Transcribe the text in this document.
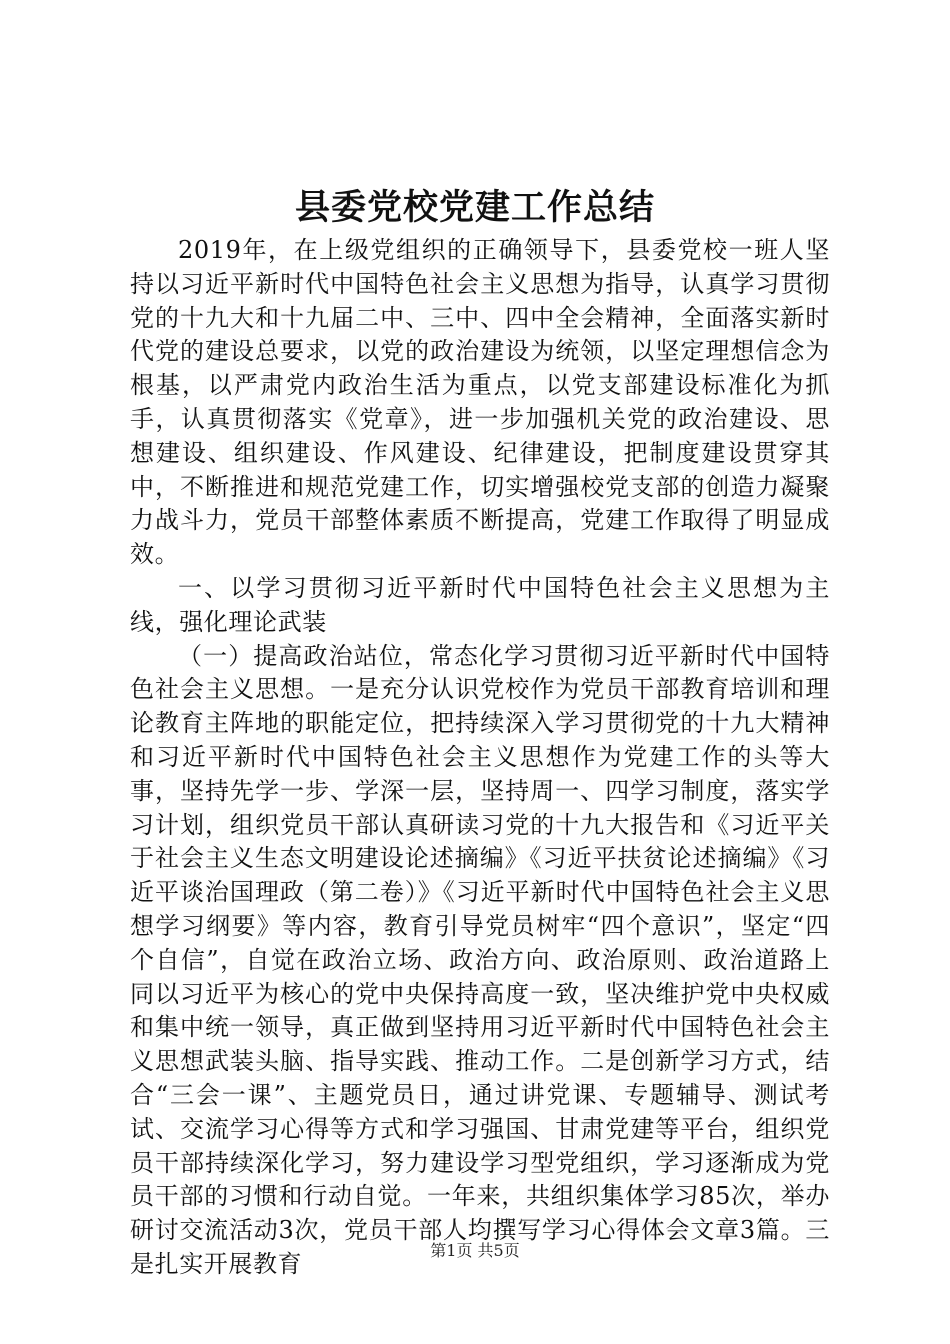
县委党校党建工作总结

2019年，在上级党组织的正确领导下，县委党校一班人坚持以习近平新时代中国特色社会主义思想为指导，认真学习贯彻党的十九大和十九届二中、三中、四中全会精神，全面落实新时代党的建设总要求，以党的政治建设为统领，以坚定理想信念为根基，以严肃党内政治生活为重点，以党支部建设标准化为抓手，认真贯彻落实《党章》，进一步加强机关党的政治建设、思想建设、组织建设、作风建设、纪律建设，把制度建设贯穿其中，不断推进和规范党建工作，切实增强校党支部的创造力凝聚力战斗力，党员干部整体素质不断提高，党建工作取得了明显成效。

一、以学习贯彻习近平新时代中国特色社会主义思想为主线，强化理论武装

（一）提高政治站位，常态化学习贯彻习近平新时代中国特色社会主义思想。一是充分认识党校作为党员干部教育培训和理论教育主阵地的职能定位，把持续深入学习贯彻党的十九大精神和习近平新时代中国特色社会主义思想作为党建工作的头等大事，坚持先学一步、学深一层，坚持周一、四学习制度，落实学习计划，组织党员干部认真研读习党的十九大报告和《习近平关于社会主义生态文明建设论述摘编》《习近平扶贫论述摘编》《习近平谈治国理政（第二卷）》《习近平新时代中国特色社会主义思想学习纲要》等内容，教育引导党员树牢“四个意识”，坚定“四个自信”，自觉在政治立场、政治方向、政治原则、政治道路上同以习近平为核心的党中央保持高度一致，坚决维护党中央权威和集中统一领导，真正做到坚持用习近平新时代中国特色社会主义思想武装头脑、指导实践、推动工作。二是创新学习方式，结合“三会一课”、主题党员日，通过讲党课、专题辅导、测试考试、交流学习心得等方式和学习强国、甘肃党建等平台，组织党员干部持续深化学习，努力建设学习型党组织，学习逐渐成为党员干部的习惯和行动自觉。一年来，共组织集体学习85次，举办研讨交流活动3次，党员干部人均撰写学习心得体会文章3篇。三是扎实开展教育	第1页 共5页
